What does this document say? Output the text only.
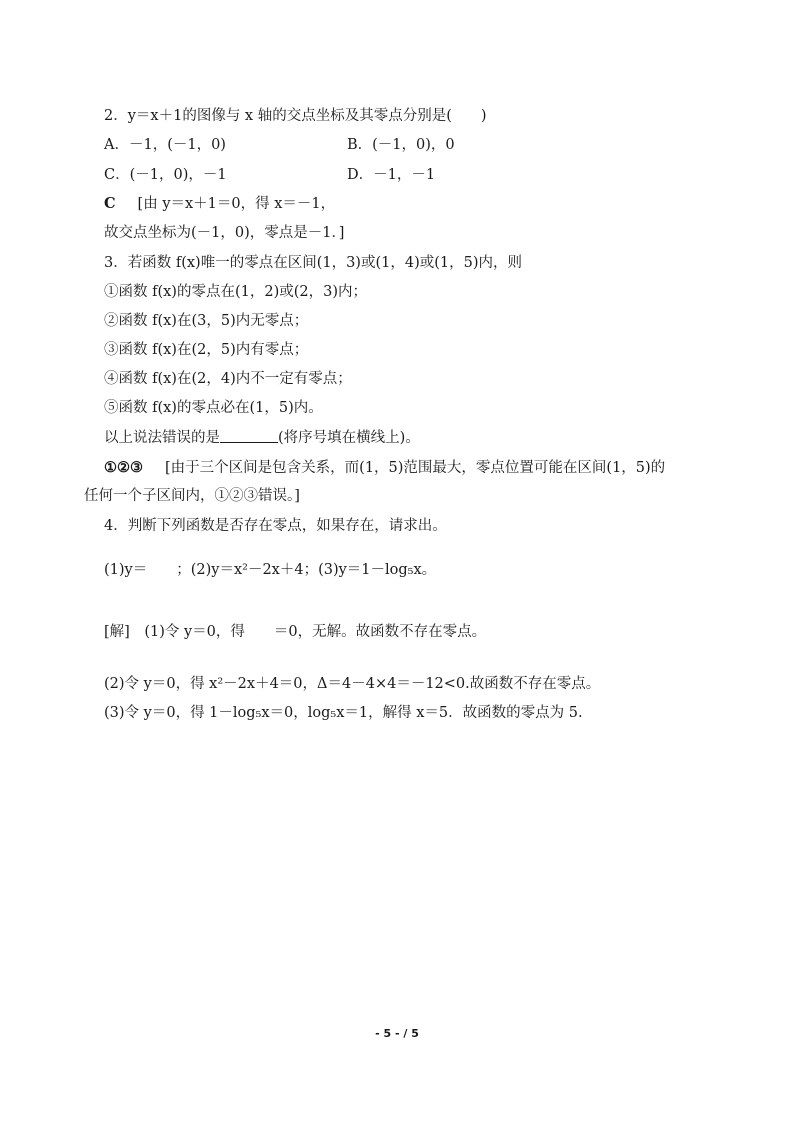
2．y＝x＋1的图像与 x 轴的交点坐标及其零点分别是(　　)
A．－1，(－1，0)	B．(－1，0)，0
C．(－1，0)，－1	D．－1，－1
C [由 y＝x＋1＝0，得 x＝－1，
故交点坐标为(－1，0)，零点是－1．]
3．若函数 f(x)唯一的零点在区间(1，3)或(1，4)或(1，5)内，则
①函数 f(x)的零点在(1，2)或(2，3)内；
②函数 f(x)在(3，5)内无零点；
③函数 f(x)在(2，5)内有零点；
④函数 f(x)在(2，4)内不一定有零点；
⑤函数 f(x)的零点必在(1，5)内。
以上说法错误的是	(将序号填在横线上)。
①②③ [由于三个区间是包含关系，而(1，5)范围最大，零点位置可能在区间(1，5)的
任何一个子区间内，①②③错误。]
4．判断下列函数是否存在零点，如果存在，请求出。
(1)y＝　　；(2)y＝x²－2x＋4；(3)y＝1－log₅x。
[解]　(1)令 y＝0，得　　＝0，无解。故函数不存在零点。
(2)令 y＝0，得 x²－2x＋4＝0，Δ＝4－4×4＝－12<0.故函数不存在零点。
(3)令 y＝0，得 1－log₅x＝0，log₅x＝1，解得 x＝5．故函数的零点为 5.
- 5 - / 5
